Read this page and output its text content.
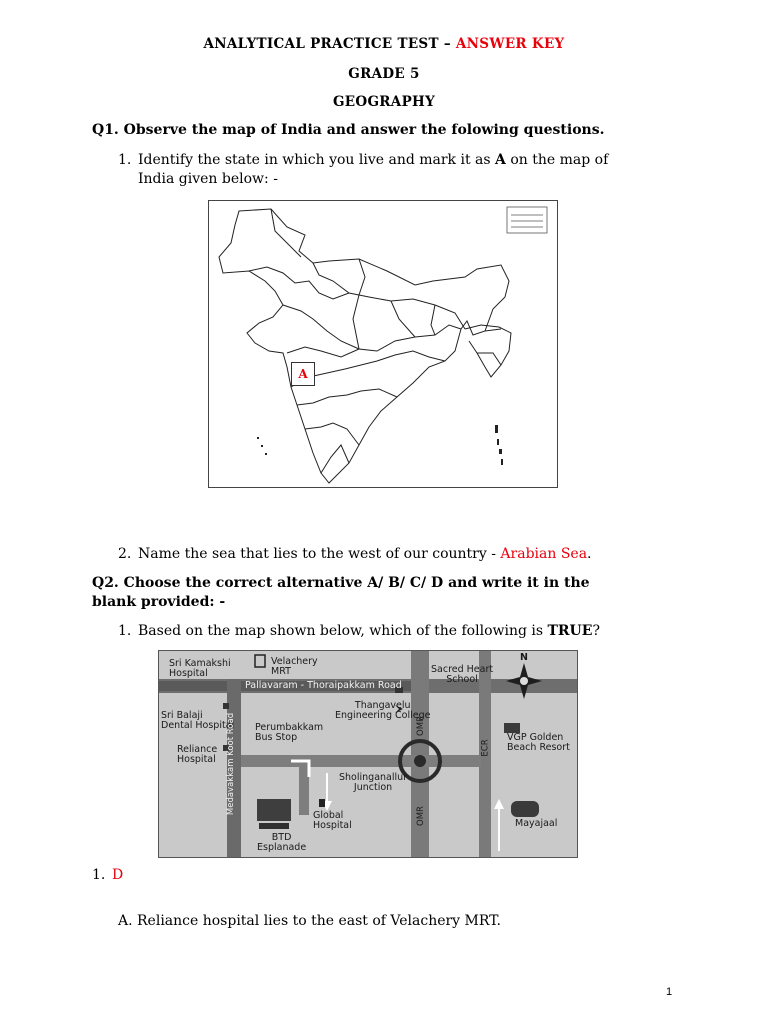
ANALYTICAL PRACTICE TEST – ANSWER KEY
GRADE 5
GEOGRAPHY
Q1. Observe the map of India and answer the folowing questions.
1. Identify the state in which you live and mark it as A on the map of
India given below: -
A
2. Name the sea that lies to the west of our country - Arabian Sea.
Q2. Choose the correct alternative A/ B/ C/ D and write it in the
blank provided: -
1. Based on the map shown below, which of the following is TRUE?
Sri Kamakshi
Hospital
Velachery
MRT	Sacred Heart
School
N
Pallavaram - Thoraipakkam Road
Thangavelu
Engineering College
Sri Balaji
Dental Hospital Perumbakkam
Bus Stop
Medavakkam Koot Road	OMR
ECR
VGP Golden
Beach Resort
Reliance
Hospital
Sholinganallur
Junction
Global
Hospital	OMR
BTD
Esplanade
Mayajaal
1. D
A. Reliance hospital lies to the east of Velachery MRT.
1
